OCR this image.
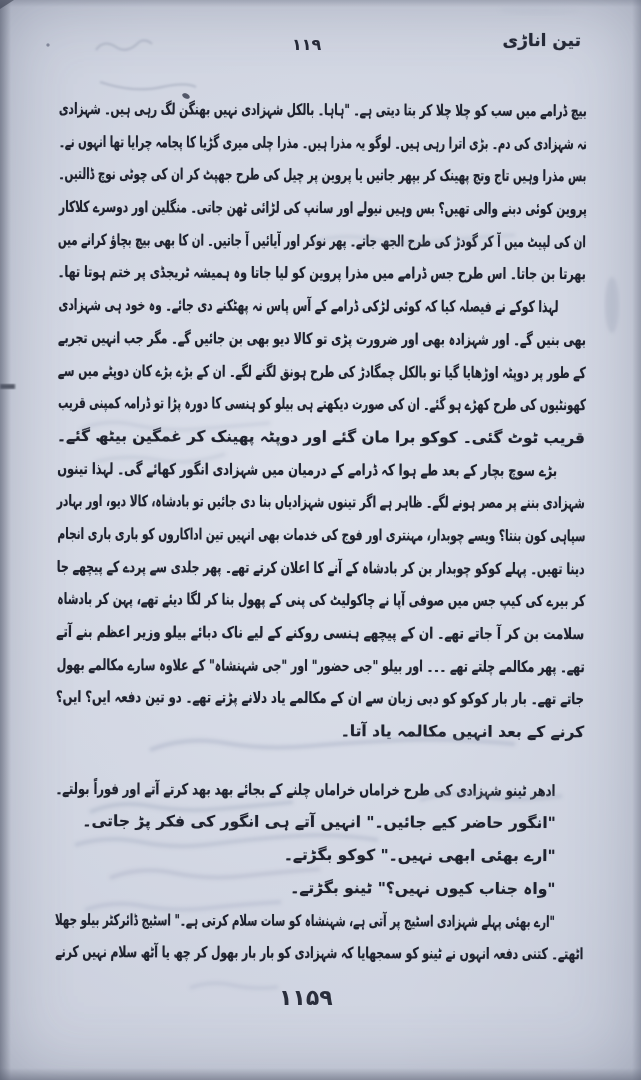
۱۱۹	تین اناڑی
بیچ ڈرامے میں سب کو چلا چلا کر بتا دیتی ہے۔ "ہاہا۔ بالکل شہزادی نہیں بھنگن لگ رہی ہیں۔ شہزادی
نہ شہزادی کی دم۔ بڑی اترا رہی ہیں۔ لوگو یہ مذرا ہیں۔ مذرا چلی میری گڑیا کا پجامہ چرایا تھا انہوں نے۔
بس مذرا وہیں تاج وتج پھینک کر بپھر جاتیں یا پروین پر چیل کی طرح جھپٹ کر ان کی چوٹی نوچ ڈالتیں۔
پروین کوئی دبنے والی تھیں؟ بس وہیں نیولے اور سانپ کی لڑائی ٹھن جاتی۔ منگلین اور دوسرے کلاکار
ان کی لپیٹ میں آ کر گودڑ کی طرح الجھ جاتے۔ پھر نوکر اور آیائیں آ جاتیں۔ ان کا بھی بیچ بچاؤ کرانے میں
بھرتا بن جاتا۔ اس طرح جس ڈرامے میں مذرا پروین کو لیا جاتا وہ ہمیشہ ٹریجڈی پر ختم ہوتا تھا۔
لہذا کوکے نے فیصلہ کیا کہ کوئی لڑکی ڈرامے کے آس پاس نہ پھٹکنے دی جائے۔ وہ خود ہی شہزادی
بھی بنیں گے۔ اور شہزادہ بھی اور ضرورت پڑی تو کالا دیو بھی بن جائیں گے۔ مگر جب انہیں تجربے
کے طور پر دوپٹہ اوڑھایا گیا تو بالکل چمگادڑ کی طرح ہونق لگنے لگے۔ ان کے بڑے بڑے کان دوپٹے میں سے
کھونٹیوں کی طرح کھڑے ہو گئے۔ ان کی صورت دیکھتے ہی بیلو کو ہنسی کا دورہ پڑا تو ڈرامہ کمپنی قریب
قریب ٹوٹ گئی۔ کوکو برا مان گئے اور دوپٹہ پھینک کر غمگین بیٹھ گئے۔
بڑے سوچ بچار کے بعد طے ہوا کہ ڈرامے کے درمیان میں شہزادی انگور کھائے گی۔ لہذا تینوں
شہزادی بننے پر مصر ہونے لگے۔ ظاہر ہے اگر تینوں شہزادیاں بنا دی جائیں تو بادشاہ، کالا دیو، اور بہادر
سپاہی کون بنتا؟ ویسے چوبدار، مہنتری اور فوج کی خدمات بھی انہیں تین اداکاروں کو باری باری انجام
دینا تھیں۔ پہلے کوکو چوبدار بن کر بادشاہ کے آنے کا اعلان کرتے تھے۔ پھر جلدی سے پردے کے پیچھے جا
کر بیرے کی کیپ جس میں صوفی آپا نے چاکولیٹ کی پنی کے پھول بنا کر لگا دیئے تھے، پہن کر بادشاہ
سلامت بن کر آ جاتے تھے۔ ان کے پیچھے ہنسی روکنے کے لیے ناک دبائے بیلو وزیر اعظم بنے آتے
تھے۔ پھر مکالمے چلتے تھے ۔۔۔ اور بیلو "جی حضور" اور "جی شہنشاہ" کے علاوہ سارے مکالمے بھول
جاتے تھے۔ بار بار کوکو کو دبی زبان سے ان کے مکالمے یاد دلانے پڑتے تھے۔ دو تین دفعہ ایں؟ ایں؟
کرنے کے بعد انہیں مکالمہ یاد آتا۔
ادھر ٹینو شہزادی کی طرح خراماں خراماں چلنے کے بجائے بھد بھد کرتے آتے اور فوراً بولتے۔
"انگور حاضر کیے جائیں۔" انہیں آتے ہی انگور کی فکر پڑ جاتی۔
"ارے بھئی ابھی نہیں۔" کوکو بگڑتے۔
"واہ جناب کیوں نہیں؟" ٹینو بگڑتے۔
"ارے بھئی پہلے شہزادی اسٹیج پر آتی ہے، شہنشاہ کو سات سلام کرتی ہے۔" اسٹیج ڈائرکٹر بیلو جھلا
اٹھتے۔ کتنی دفعہ انہوں نے ٹینو کو سمجھایا کہ شہزادی کو بار بار بھول کر چھ یا آٹھ سلام نہیں کرنے
۱۱۵۹
